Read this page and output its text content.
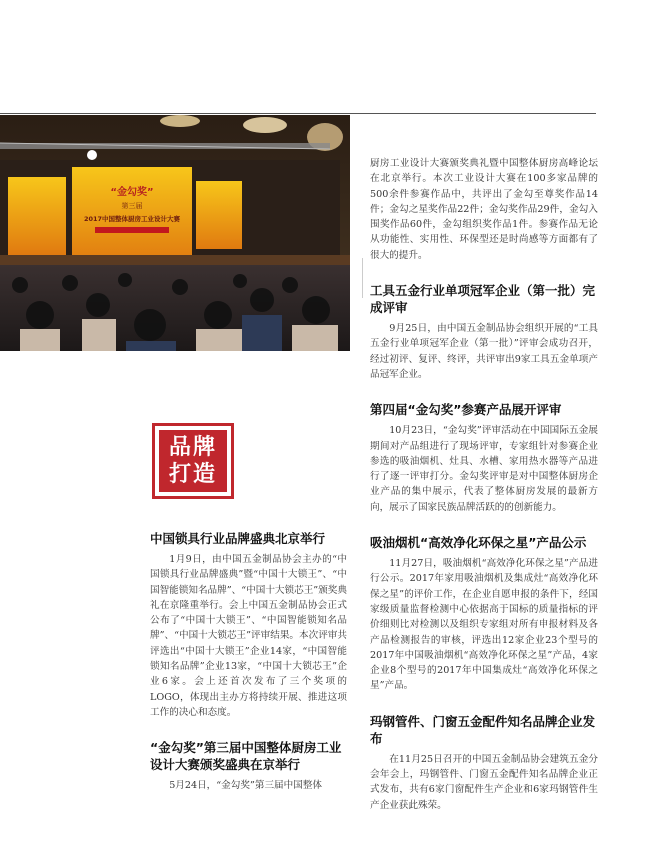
“金勾奖”
第三届
2017中国整体厨房工业设计大赛
品牌
打造
中国锁具行业品牌盛典北京举行

1月9日，由中国五金制品协会主办的“中国锁具行业品牌盛典”暨“中国十大锁王”、“中国智能锁知名品牌”、“中国十大锁芯王”颁奖典礼在京隆重举行。会上中国五金制品协会正式公布了“中国十大锁王”、“中国智能锁知名品牌”、“中国十大锁芯王”评审结果。本次评审共评选出“中国十大锁王”企业14家，“中国智能锁知名品牌”企业13家，“中国十大锁芯王”企业6家。会上还首次发布了三个奖项的LOGO，体现出主办方将持续开展、推进这项工作的决心和态度。

“金勾奖”第三届中国整体厨房工业设计大赛颁奖盛典在京举行

5月24日，“金勾奖”第三届中国整体

厨房工业设计大赛颁奖典礼暨中国整体厨房高峰论坛在北京举行。本次工业设计大赛在100多家品牌的500余件参赛作品中，共评出了金勾至尊奖作品14件；金勾之星奖作品22件；金勾奖作品29件，金勾入围奖作品60件，金勾组织奖作品1件。参赛作品无论从功能性、实用性、环保型还是时尚感等方面都有了很大的提升。

工具五金行业单项冠军企业（第一批）完成评审

9月25日，由中国五金制品协会组织开展的“工具五金行业单项冠军企业（第一批）”评审会成功召开，经过初评、复评、终评，共评审出9家工具五金单项产品冠军企业。

第四届“金勾奖”参赛产品展开评审

10月23日，“金勾奖”评审活动在中国国际五金展期间对产品组进行了现场评审，专家组针对参赛企业参选的吸油烟机、灶具、水槽、家用热水器等产品进行了逐一评审打分。金勾奖评审是对中国整体厨房企业产品的集中展示，代表了整体厨房发展的最新方向，展示了国家民族品牌活跃的的创新能力。

吸油烟机“高效净化环保之星”产品公示

11月27日，吸油烟机“高效净化环保之星”产品进行公示。2017年家用吸油烟机及集成灶“高效净化环保之星”的评价工作，在企业自愿申报的条件下，经国家级质量监督检测中心依据高于国标的质量指标的评价细则比对检测以及组织专家组对所有申报材料及各产品检测报告的审核，评选出12家企业23个型号的2017年中国吸油烟机“高效净化环保之星”产品，4家企业8个型号的2017年中国集成灶“高效净化环保之星”产品。

玛钢管件、门窗五金配件知名品牌企业发布

在11月25日召开的中国五金制品协会建筑五金分会年会上，玛钢管件、门窗五金配件知名品牌企业正式发布，共有6家门窗配件生产企业和6家玛钢管件生产企业获此殊荣。
